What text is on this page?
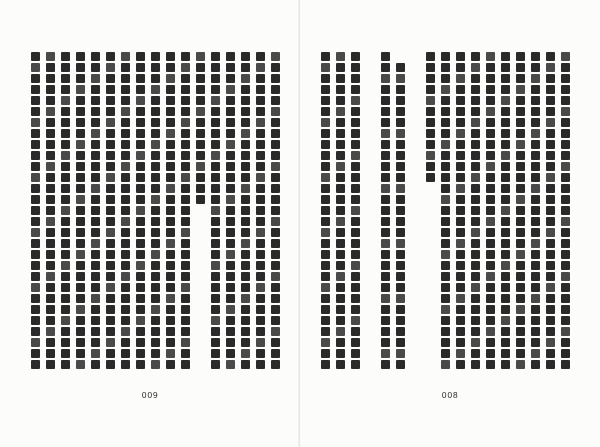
009	008
